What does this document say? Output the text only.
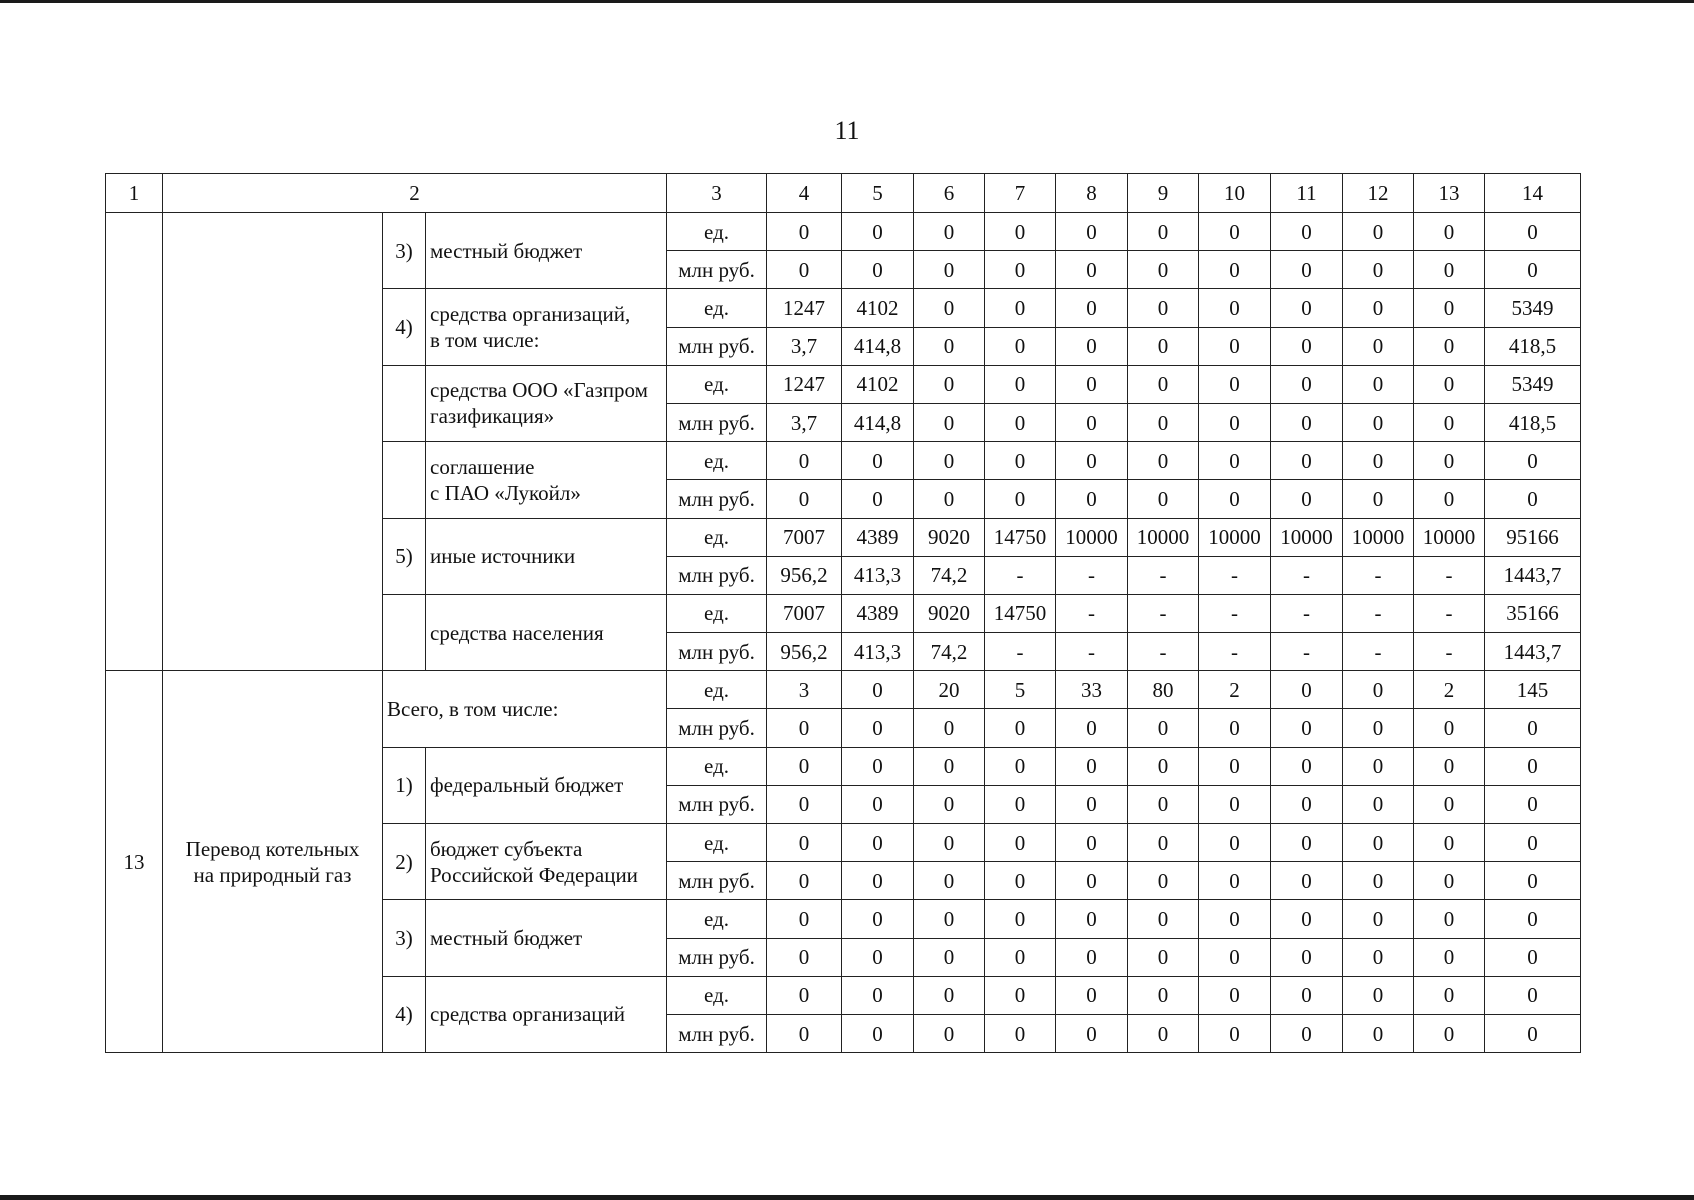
11
1	2			3	4	5	6	7	8	9	10	11	12	13	14
		3)	местный бюджет	ед.	0	0	0	0	0	0	0	0	0	0	0
				млн руб.	0	0	0	0	0	0	0	0	0	0	0
		4)	средства организаций,
в том числе:	ед.	1247	4102	0	0	0	0	0	0	0	0	5349
				млн руб.	3,7	414,8	0	0	0	0	0	0	0	0	418,5
			средства ООО «Газпром
газификация»	ед.	1247	4102	0	0	0	0	0	0	0	0	5349
				млн руб.	3,7	414,8	0	0	0	0	0	0	0	0	418,5
			соглашение
с ПАО «Лукойл»	ед.	0	0	0	0	0	0	0	0	0	0	0
				млн руб.	0	0	0	0	0	0	0	0	0	0	0
		5)	иные источники	ед.	7007	4389	9020	14750	10000	10000	10000	10000	10000	10000	95166
				млн руб.	956,2	413,3	74,2	-	-	-	-	-	-	-	1443,7
			средства населения	ед.	7007	4389	9020	14750	-	-	-	-	-	-	35166
				млн руб.	956,2	413,3	74,2	-	-	-	-	-	-	-	1443,7
13	Перевод котельных
на природный газ	Всего, в том числе:		ед.	3	0	20	5	33	80	2	0	0	2	145
				млн руб.	0	0	0	0	0	0	0	0	0	0	0
		1)	федеральный бюджет	ед.	0	0	0	0	0	0	0	0	0	0	0
				млн руб.	0	0	0	0	0	0	0	0	0	0	0
		2)	бюджет субъекта
Российской Федерации	ед.	0	0	0	0	0	0	0	0	0	0	0
				млн руб.	0	0	0	0	0	0	0	0	0	0	0
		3)	местный бюджет	ед.	0	0	0	0	0	0	0	0	0	0	0
				млн руб.	0	0	0	0	0	0	0	0	0	0	0
		4)	средства организаций	ед.	0	0	0	0	0	0	0	0	0	0	0
				млн руб.	0	0	0	0	0	0	0	0	0	0	0
